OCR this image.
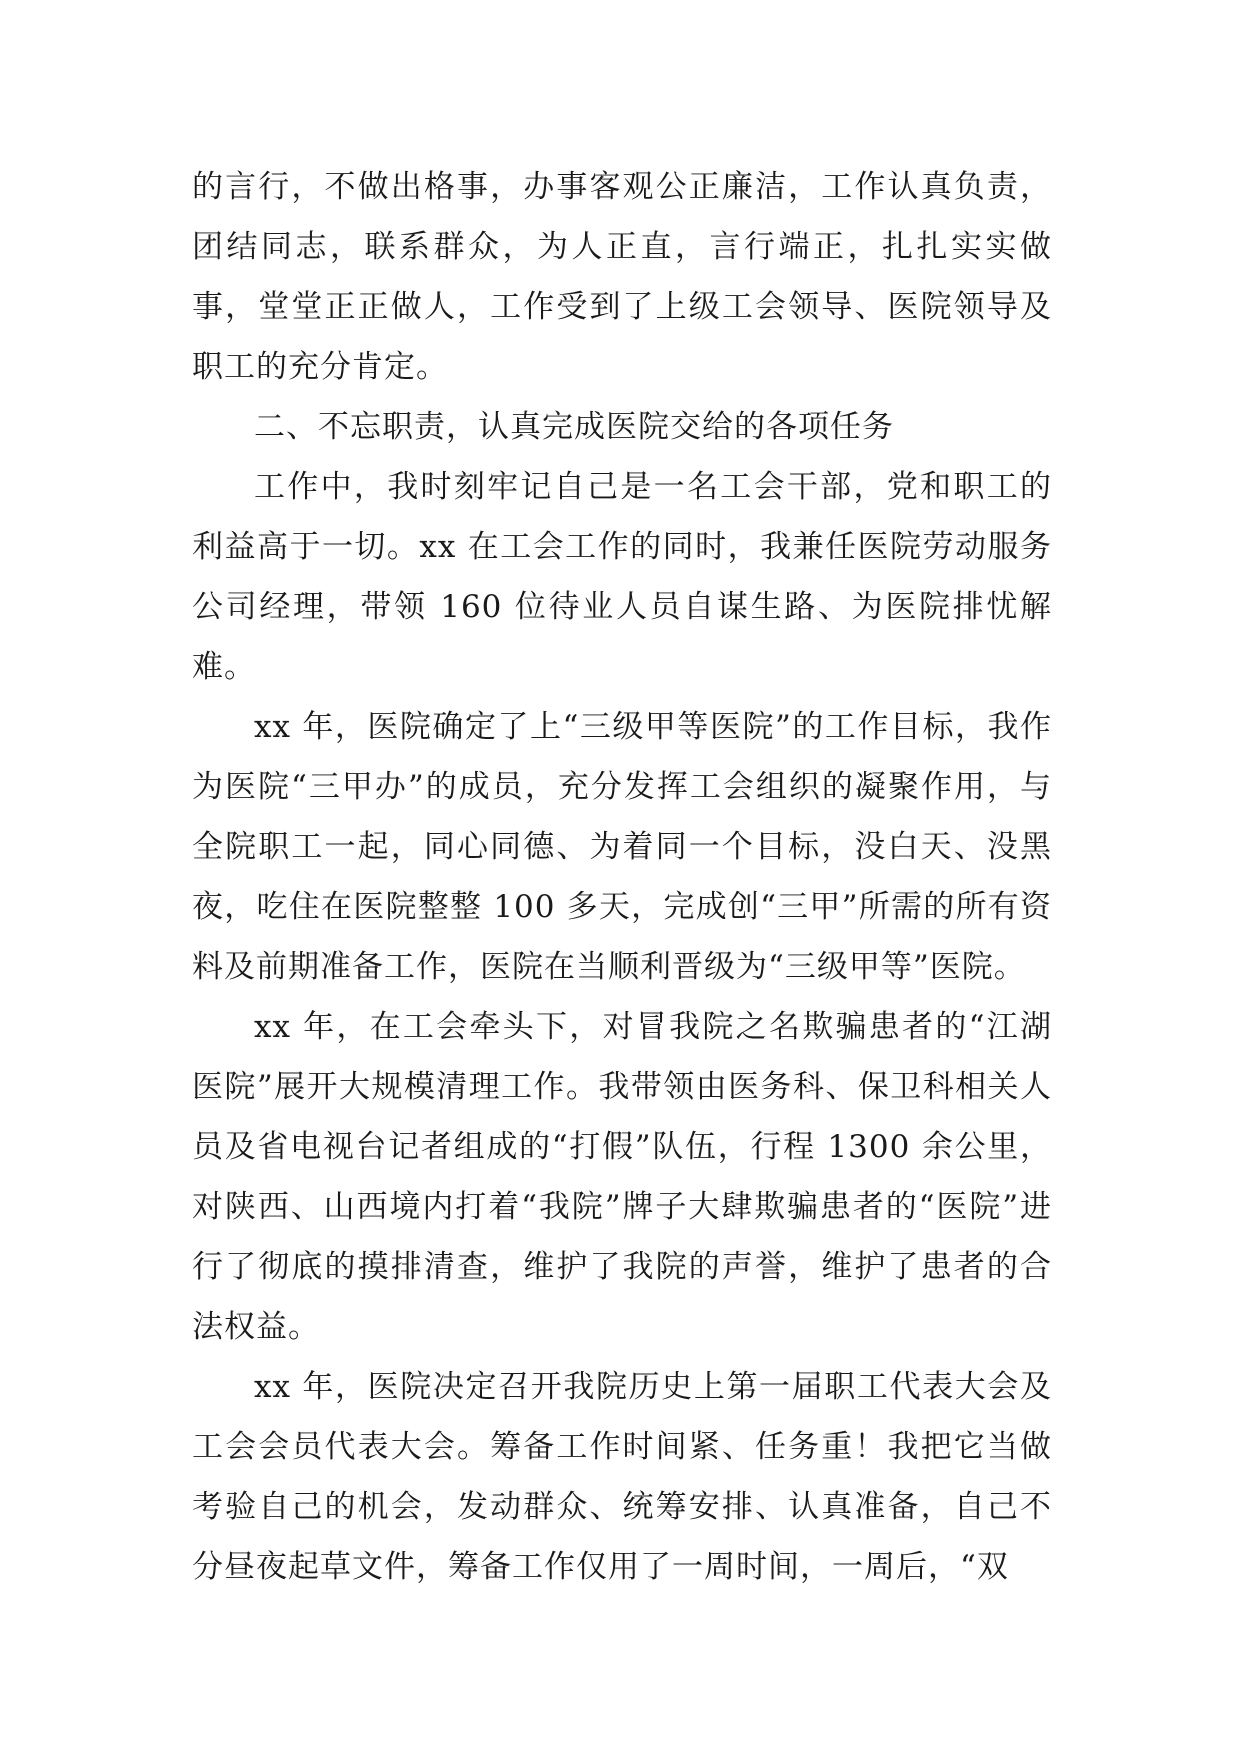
的言行，不做出格事，办事客观公正廉洁，工作认真负责，团结同志，联系群众，为人正直，言行端正，扎扎实实做事，堂堂正正做人，工作受到了上级工会领导、医院领导及职工的充分肯定。

二、不忘职责，认真完成医院交给的各项任务

工作中，我时刻牢记自己是一名工会干部，党和职工的利益高于一切。xx 在工会工作的同时，我兼任医院劳动服务公司经理，带领 160 位待业人员自谋生路、为医院排忧解难。

xx 年，医院确定了上“三级甲等医院”的工作目标，我作为医院“三甲办”的成员，充分发挥工会组织的凝聚作用，与全院职工一起，同心同德、为着同一个目标，没白天、没黑夜，吃住在医院整整 100 多天，完成创“三甲”所需的所有资料及前期准备工作，医院在当顺利晋级为“三级甲等”医院。

xx 年，在工会牵头下，对冒我院之名欺骗患者的“江湖医院”展开大规模清理工作。我带领由医务科、保卫科相关人员及省电视台记者组成的“打假”队伍，行程 1300 余公里，对陕西、山西境内打着“我院”牌子大肆欺骗患者的“医院”进行了彻底的摸排清查，维护了我院的声誉，维护了患者的合法权益。

xx 年，医院决定召开我院历史上第一届职工代表大会及工会会员代表大会。筹备工作时间紧、任务重！我把它当做考验自己的机会，发动群众、统筹安排、认真准备，自己不分昼夜起草文件，筹备工作仅用了一周时间，一周后，“双
